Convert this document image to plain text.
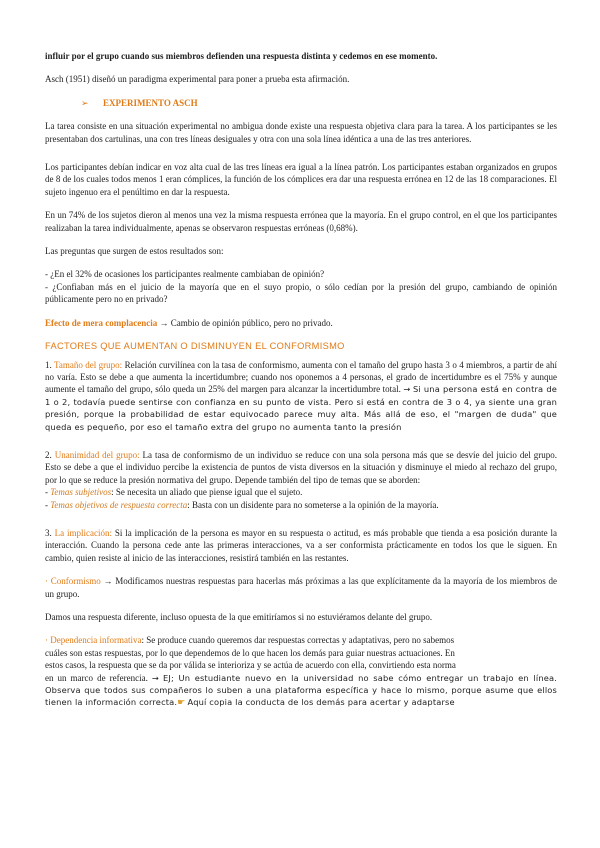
influir por el grupo cuando sus miembros defienden una respuesta distinta y cedemos en ese momento.

Asch (1951) diseñó un paradigma experimental para poner a prueba esta afirmación.

➢ EXPERIMENTO ASCH

La tarea consiste en una situación experimental no ambigua donde existe una respuesta objetiva clara para la tarea. A los participantes se les presentaban dos cartulinas, una con tres líneas desiguales y otra con una sola línea idéntica a una de las tres anteriores.

Los participantes debían indicar en voz alta cual de las tres líneas era igual a la línea patrón. Los participantes estaban organizados en grupos de 8 de los cuales todos menos 1 eran cómplices, la función de los cómplices era dar una respuesta errónea en 12 de las 18 comparaciones. El sujeto ingenuo era el penúltimo en dar la respuesta.

En un 74% de los sujetos dieron al menos una vez la misma respuesta errónea que la mayoría. En el grupo control, en el que los participantes realizaban la tarea individualmente, apenas se observaron respuestas erróneas (0,68%).

Las preguntas que surgen de estos resultados son:

- ¿En el 32% de ocasiones los participantes realmente cambiaban de opinión?

- ¿Confiaban más en el juicio de la mayoría que en el suyo propio, o sólo cedían por la presión del grupo, cambiando de opinión públicamente pero no en privado?

Efecto de mera complacencia → Cambio de opinión público, pero no privado.

FACTORES QUE AUMENTAN O DISMINUYEN EL CONFORMISMO

1. Tamaño del grupo: Relación curvilínea con la tasa de conformismo, aumenta con el tamaño del grupo hasta 3 o 4 miembros, a partir de ahí no varía. Esto se debe a que aumenta la incertidumbre; cuando nos oponemos a 4 personas, el grado de incertidumbre es el 75% y aunque aumente el tamaño del grupo, sólo queda un 25% del margen para alcanzar la incertidumbre total. → Si una persona está en contra de 1 o 2, todavía puede sentirse con confianza en su punto de vista. Pero si está en contra de 3 o 4, ya siente una gran presión, porque la probabilidad de estar equivocado parece muy alta. Más allá de eso, el "margen de duda" que queda es pequeño, por eso el tamaño extra del grupo no aumenta tanto la presión

2. Unanimidad del grupo: La tasa de conformismo de un individuo se reduce con una sola persona más que se desvíe del juicio del grupo. Esto se debe a que el individuo percibe la existencia de puntos de vista diversos en la situación y disminuye el miedo al rechazo del grupo, por lo que se reduce la presión normativa del grupo. Depende también del tipo de temas que se aborden:

- Temas subjetivos: Se necesita un aliado que piense igual que el sujeto.

- Temas objetivos de respuesta correcta: Basta con un disidente para no someterse a la opinión de la mayoría.

3. La implicación: Si la implicación de la persona es mayor en su respuesta o actitud, es más probable que tienda a esa posición durante la interacción. Cuando la persona cede ante las primeras interacciones, va a ser conformista prácticamente en todos los que le siguen. En cambio, quien resiste al inicio de las interacciones, resistirá también en las restantes.

· Conformismo → Modificamos nuestras respuestas para hacerlas más próximas a las que explícitamente da la mayoría de los miembros de un grupo.

Damos una respuesta diferente, incluso opuesta de la que emitiríamos si no estuviéramos delante del grupo.

· Dependencia informativa: Se produce cuando queremos dar respuestas correctas y adaptativas, pero no sabemos

cuáles son estas respuestas, por lo que dependemos de lo que hacen los demás para guiar nuestras actuaciones. En

estos casos, la respuesta que se da por válida se interioriza y se actúa de acuerdo con ella, convirtiendo esta norma

en un marco de referencia. → EJ; Un estudiante nuevo en la universidad no sabe cómo entregar un trabajo en línea. Observa que todos sus compañeros lo suben a una plataforma específica y hace lo mismo, porque asume que ellos tienen la información correcta.☛ Aquí copia la conducta de los demás para acertar y adaptarse
